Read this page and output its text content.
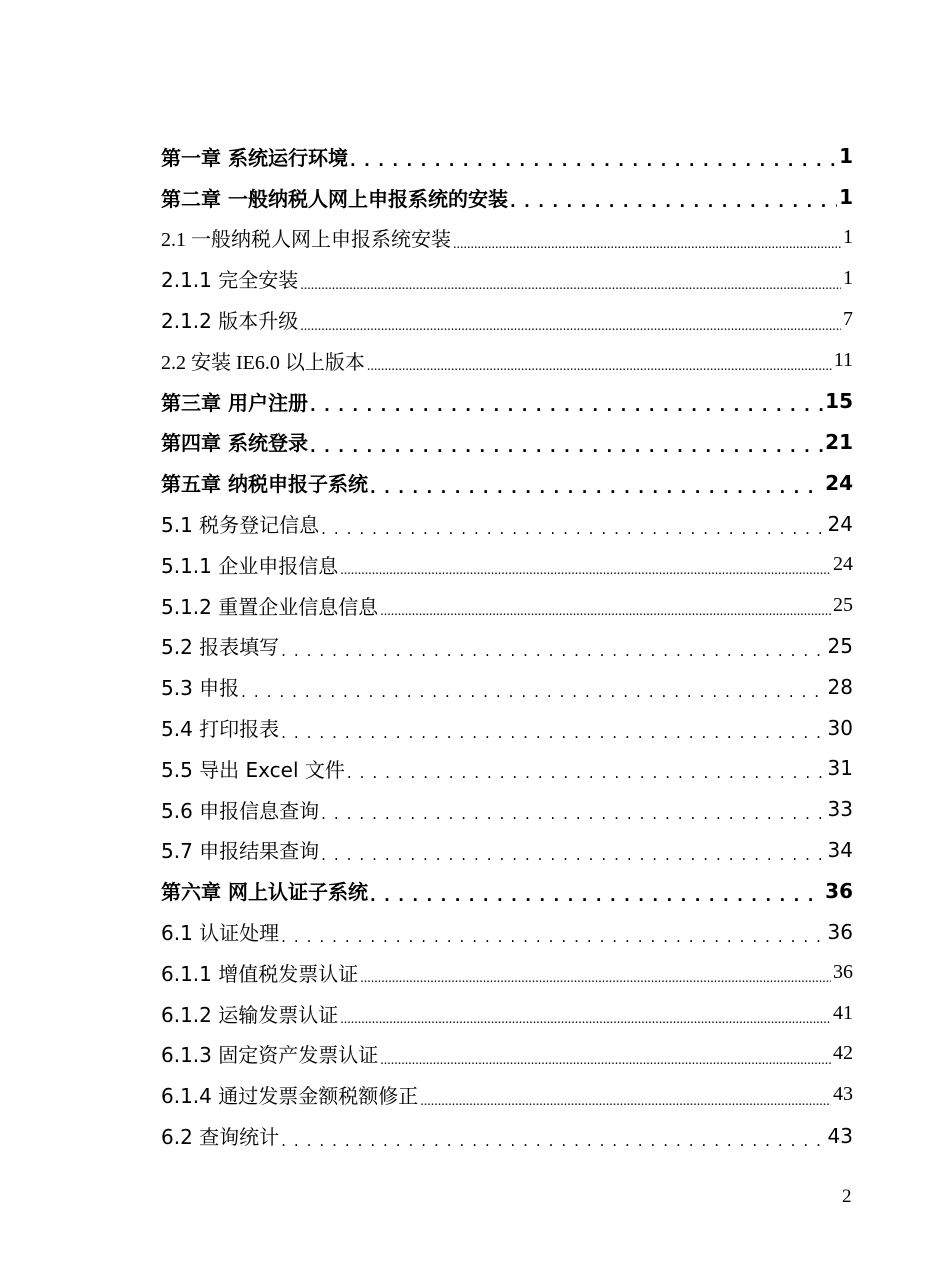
第一章 系统运行环境 . . .	1
第二章 一般纳税人网上申报系统的安装 . . .	1
2.1 一般纳税人网上申报系统安装 .....	1
2.1.1 完全安装 .....	1
2.1.2 版本升级 .....	7
2.2 安装 IE6.0 以上版本 .....	11
第三章 用户注册 . . .	15
第四章 系统登录 . . .	21
第五章 纳税申报子系统 . . .	24
5.1 税务登记信息 . . .	24
5.1.1 企业申报信息 .....	24
5.1.2 重置企业信息信息 .....	25
5.2 报表填写 . . .	25
5.3 申报 . . .	28
5.4 打印报表 . . .	30
5.5 导出 Excel 文件 . . .	31
5.6 申报信息查询 . . .	33
5.7 申报结果查询 . . .	34
第六章 网上认证子系统 . . .	36
6.1 认证处理 . . .	36
6.1.1 增值税发票认证 .....	36
6.1.2 运输发票认证 .....	41
6.1.3 固定资产发票认证 .....	42
6.1.4 通过发票金额税额修正 .....	43
6.2 查询统计 . . .	43
2
